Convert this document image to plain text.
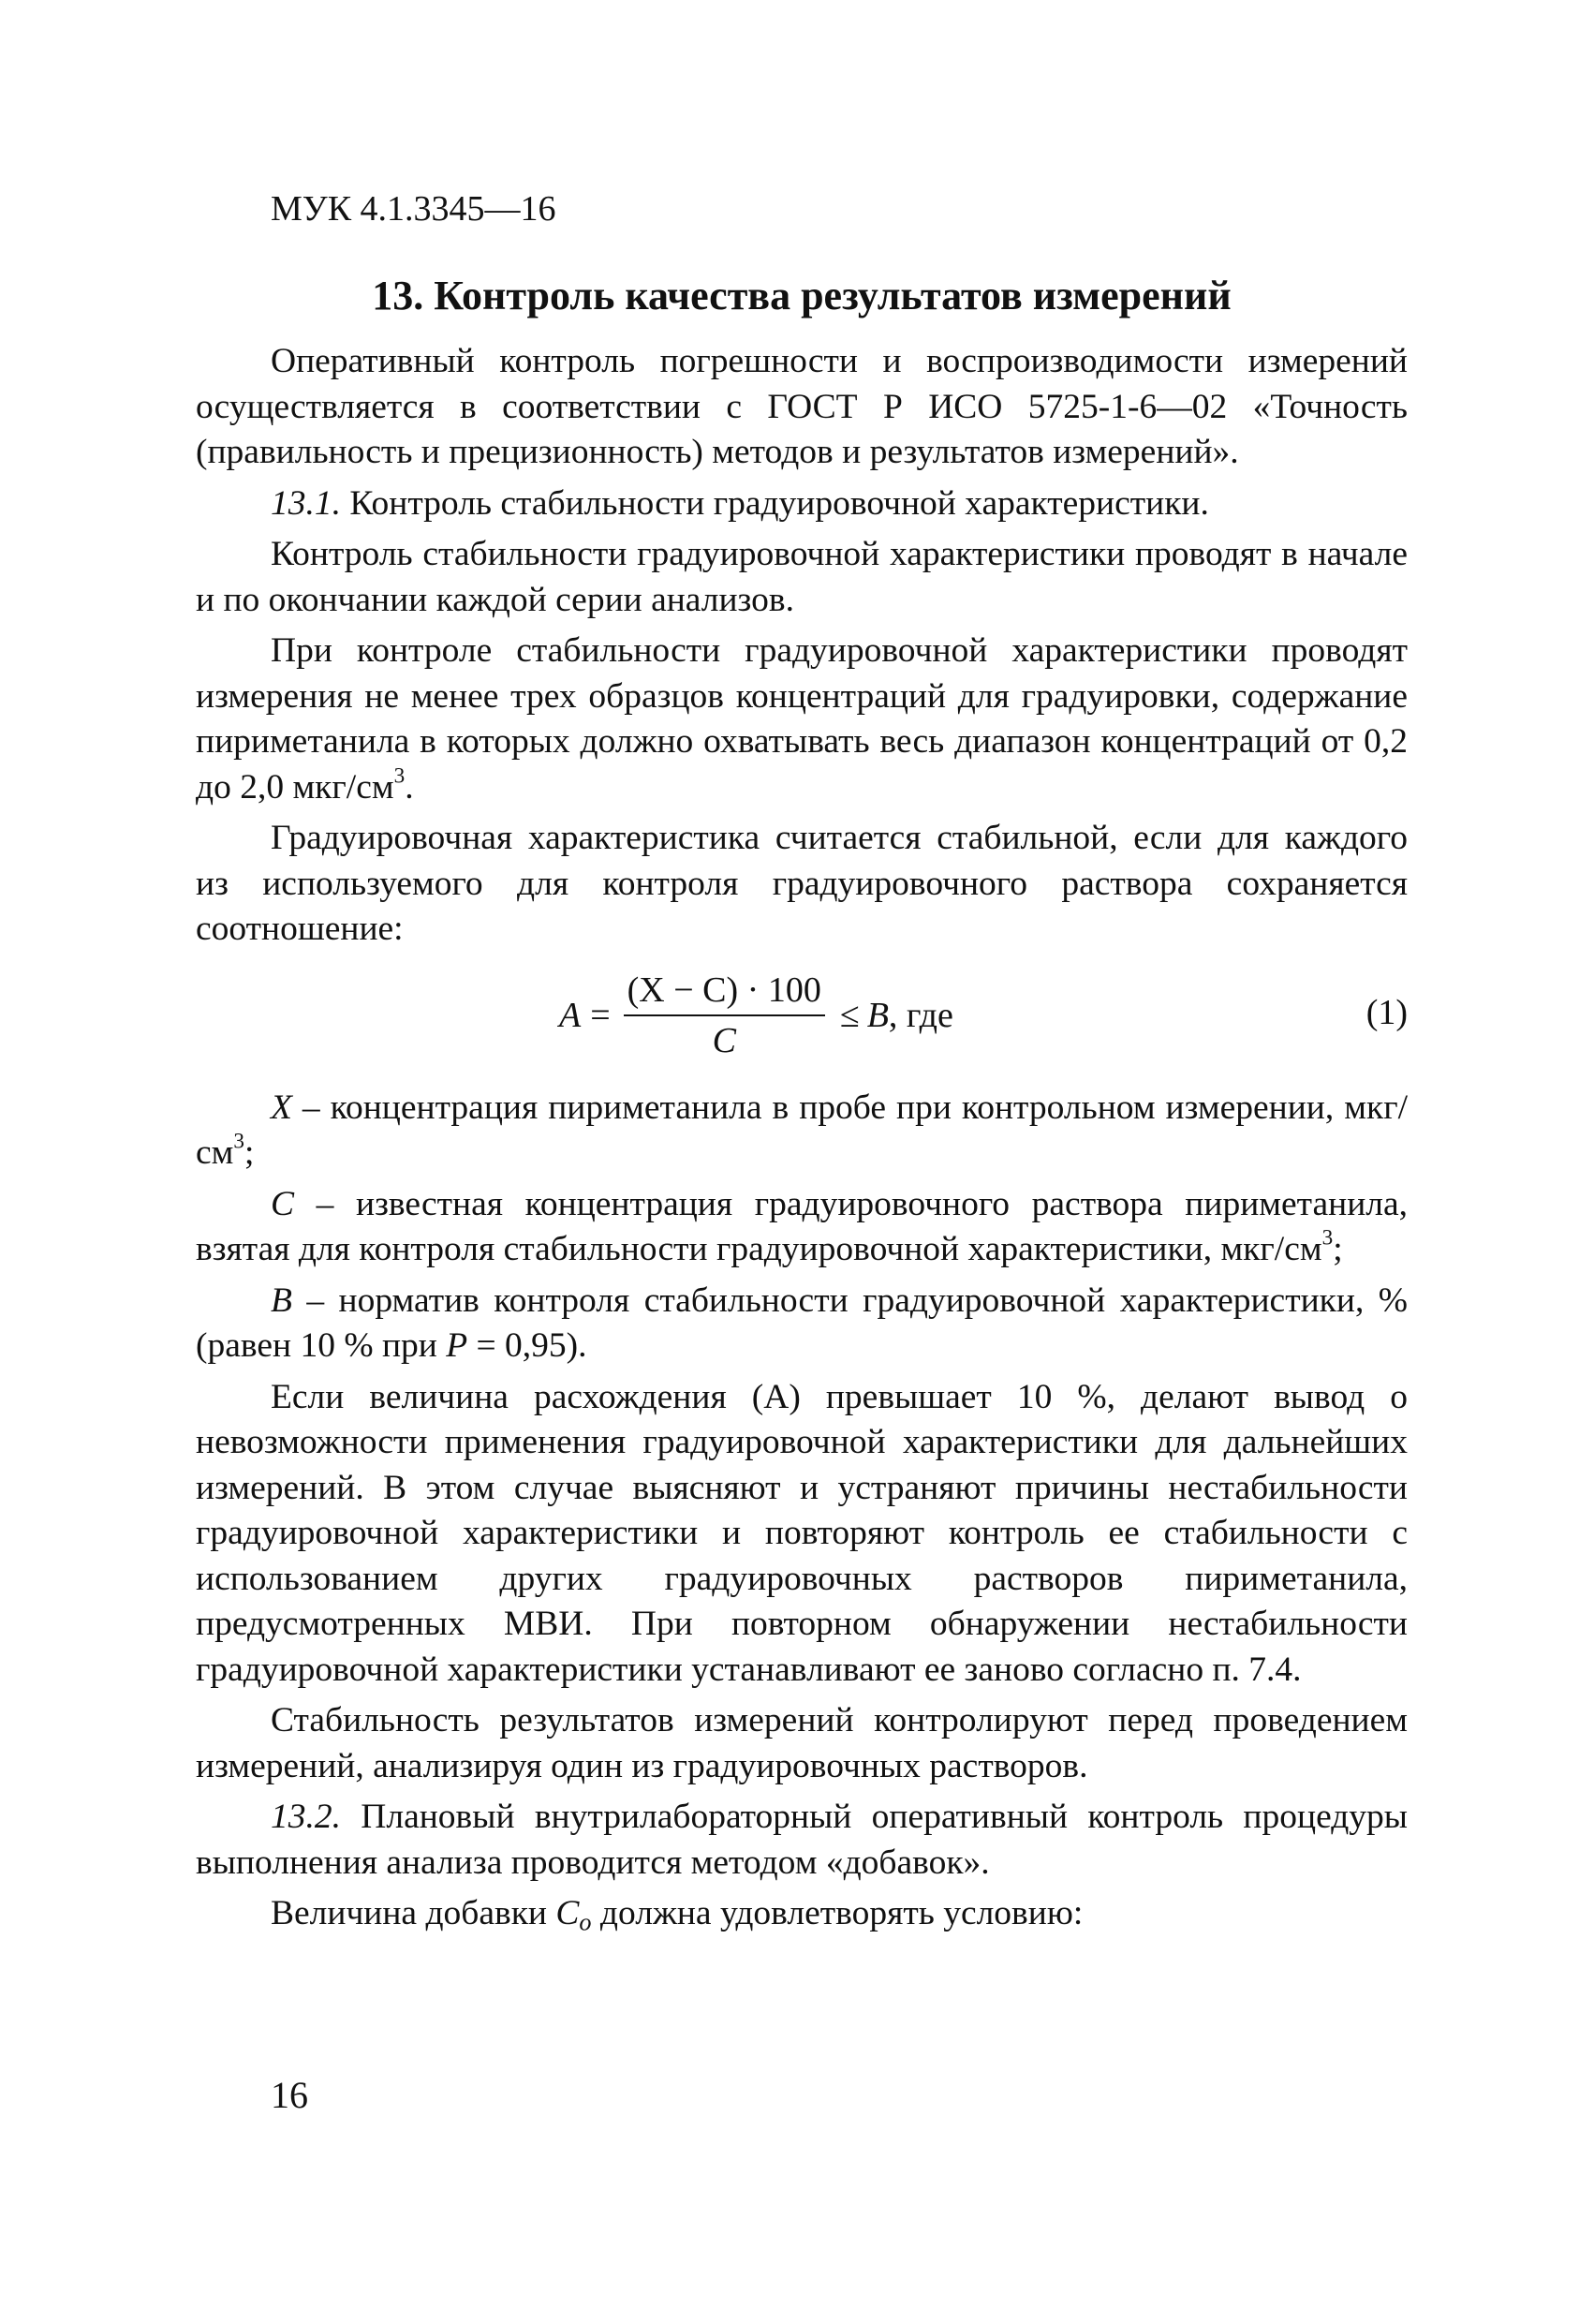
МУК 4.1.3345—16

13. Контроль качества результатов измерений

Оперативный контроль погрешности и воспроизводимости измерений осуществляется в соответствии с ГОСТ Р ИСО 5725-1-6—02 «Точность (правильность и прецизионность) методов и результатов измерений».

13.1. Контроль стабильности градуировочной характеристики.

Контроль стабильности градуировочной характеристики проводят в начале и по окончании каждой серии анализов.

При контроле стабильности градуировочной характеристики проводят измерения не менее трех образцов концентраций для градуировки, содержание пириметанила в которых должно охватывать весь диапазон концентраций от 0,2 до 2,0 мкг/$см^3$.

Градуировочная характеристика считается стабильной, если для каждого из используемого для контроля градуировочного раствора сохраняется соотношение:

$A = \frac{(X - C) \cdot 100}{C} \le B$ , где	(1)

X – концентрация пириметанила в пробе при контрольном измерении, мкг/$см^3$;

C – известная концентрация градуировочного раствора пириметанила, взятая для контроля стабильности градуировочной характеристики, мкг/$см^3$;

B – норматив контроля стабильности градуировочной характеристики, % (равен 10 % при P = 0,95).

Если величина расхождения (А) превышает 10 %, делают вывод о невозможности применения градуировочной характеристики для дальнейших измерений. В этом случае выясняют и устраняют причины нестабильности градуировочной характеристики и повторяют контроль ее стабильности с использованием других градуировочных растворов пириметанила, предусмотренных МВИ. При повторном обнаружении нестабильности градуировочной характеристики устанавливают ее заново согласно п. 7.4.

Стабильность результатов измерений контролируют перед проведением измерений, анализируя один из градуировочных растворов.

13.2. Плановый внутрилабораторный оперативный контроль процедуры выполнения анализа проводится методом «добавок».

Величина добавки $C_o$ должна удовлетворять условию:

16
